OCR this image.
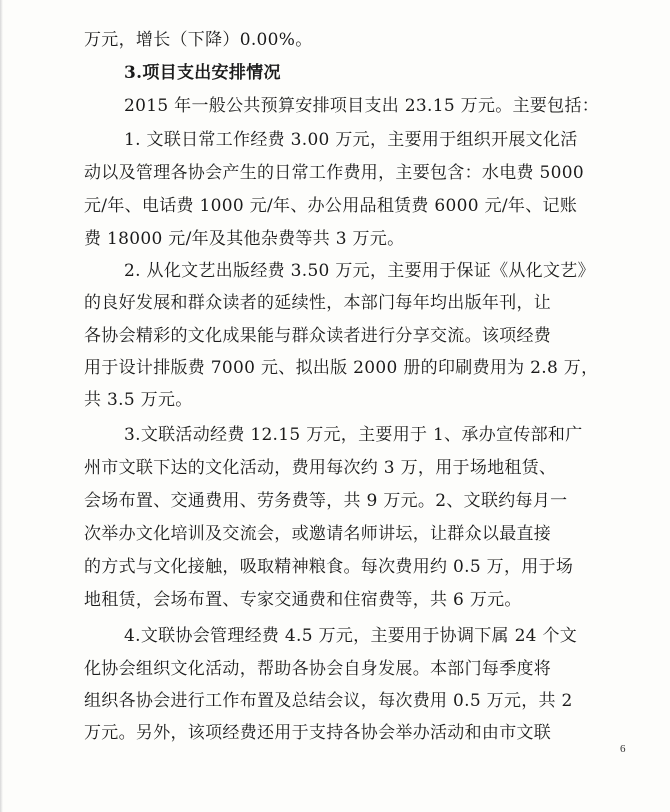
万元，增长（下降）0.00%。
3.项目支出安排情况
2015 年一般公共预算安排项目支出 23.15 万元。主要包括：
1. 文联日常工作经费 3.00 万元，主要用于组织开展文化活
动以及管理各协会产生的日常工作费用，主要包含：水电费 5000
元/年、电话费 1000 元/年、办公用品租赁费 6000 元/年、记账
费 18000 元/年及其他杂费等共 3 万元。
2. 从化文艺出版经费 3.50 万元，主要用于保证《从化文艺》
的良好发展和群众读者的延续性，本部门每年均出版年刊，让
各协会精彩的文化成果能与群众读者进行分享交流。该项经费
用于设计排版费 7000 元、拟出版 2000 册的印刷费用为 2.8 万，
共 3.5 万元。
3.文联活动经费 12.15 万元，主要用于 1、承办宣传部和广
州市文联下达的文化活动，费用每次约 3 万，用于场地租赁、
会场布置、交通费用、劳务费等，共 9 万元。2、文联约每月一
次举办文化培训及交流会，或邀请名师讲坛，让群众以最直接
的方式与文化接触，吸取精神粮食。每次费用约 0.5 万，用于场
地租赁，会场布置、专家交通费和住宿费等，共 6 万元。
4.文联协会管理经费 4.5 万元，主要用于协调下属 24 个文
化协会组织文化活动，帮助各协会自身发展。本部门每季度将
组织各协会进行工作布置及总结会议，每次费用 0.5 万元，共 2
万元。另外，该项经费还用于支持各协会举办活动和由市文联
6
